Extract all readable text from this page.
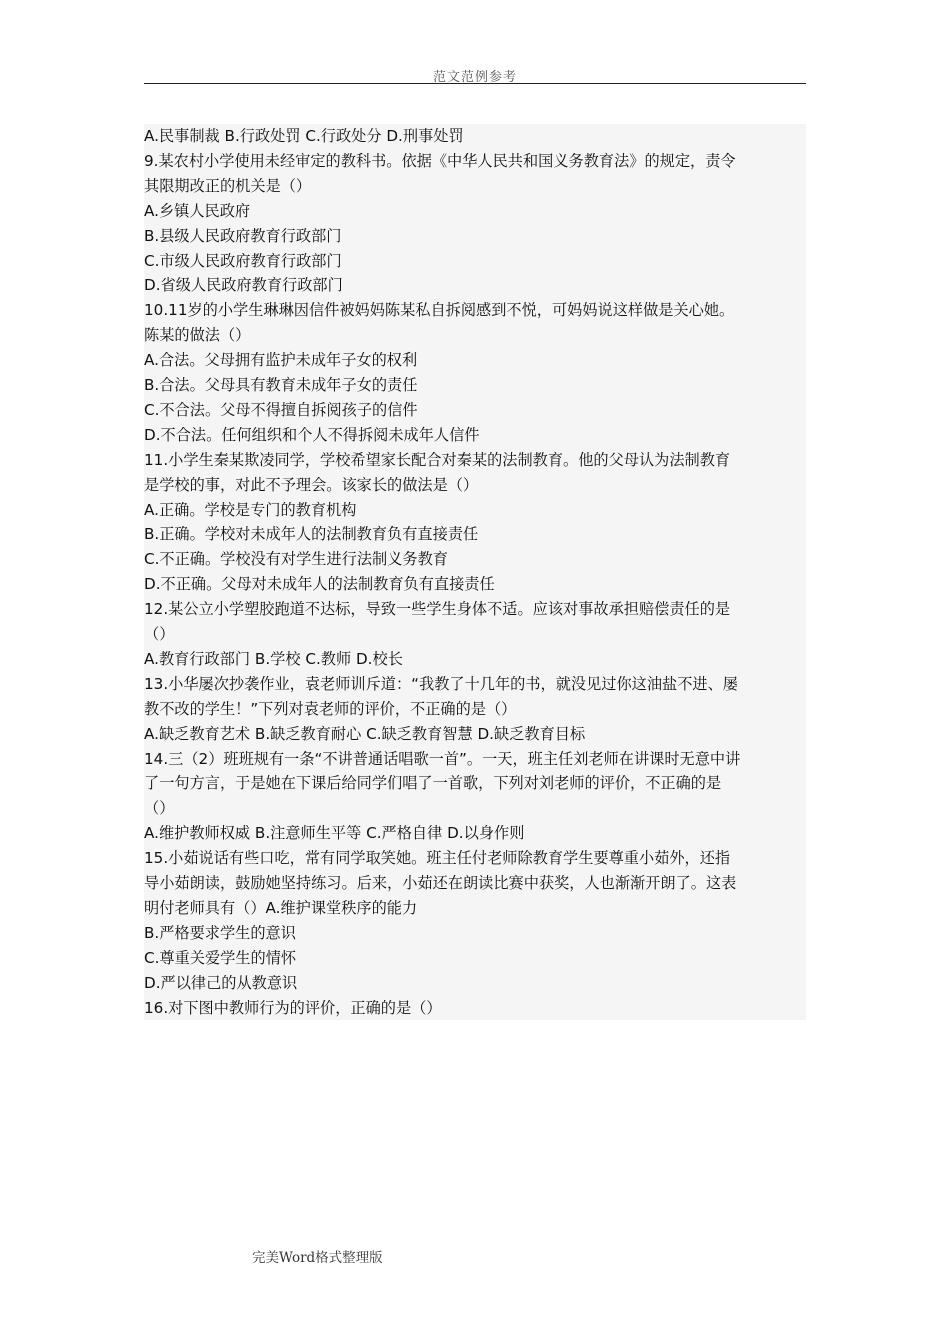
范文范例参考
A.民事制裁 B.行政处罚 C.行政处分 D.刑事处罚
9.某农村小学使用未经审定的教科书。依据《中华人民共和国义务教育法》的规定，责令
其限期改正的机关是（）
A.乡镇人民政府
B.县级人民政府教育行政部门
C.市级人民政府教育行政部门
D.省级人民政府教育行政部门
10.11岁的小学生琳琳因信件被妈妈陈某私自拆阅感到不悦，可妈妈说这样做是关心她。
陈某的做法（）
A.合法。父母拥有监护未成年子女的权利
B.合法。父母具有教育未成年子女的责任
C.不合法。父母不得擅自拆阅孩子的信件
D.不合法。任何组织和个人不得拆阅未成年人信件
11.小学生秦某欺凌同学，学校希望家长配合对秦某的法制教育。他的父母认为法制教育
是学校的事，对此不予理会。该家长的做法是（）
A.正确。学校是专门的教育机构
B.正确。学校对未成年人的法制教育负有直接责任
C.不正确。学校没有对学生进行法制义务教育
D.不正确。父母对未成年人的法制教育负有直接责任
12.某公立小学塑胶跑道不达标，导致一些学生身体不适。应该对事故承担赔偿责任的是
（）
A.教育行政部门 B.学校 C.教师 D.校长
13.小华屡次抄袭作业，袁老师训斥道：“我教了十几年的书，就没见过你这油盐不进、屡
教不改的学生！”下列对袁老师的评价，不正确的是（）
A.缺乏教育艺术 B.缺乏教育耐心 C.缺乏教育智慧 D.缺乏教育目标
14.三（2）班班规有一条“不讲普通话唱歌一首”。一天，班主任刘老师在讲课时无意中讲
了一句方言，于是她在下课后给同学们唱了一首歌，下列对刘老师的评价，不正确的是
（）
A.维护教师权威 B.注意师生平等 C.严格自律 D.以身作则
15.小茹说话有些口吃，常有同学取笑她。班主任付老师除教育学生要尊重小茹外，还指
导小茹朗读，鼓励她坚持练习。后来，小茹还在朗读比赛中获奖，人也渐渐开朗了。这表
明付老师具有（）A.维护课堂秩序的能力
B.严格要求学生的意识
C.尊重关爱学生的情怀
D.严以律己的从教意识
16.对下图中教师行为的评价，正确的是（）
完美Word格式整理版
